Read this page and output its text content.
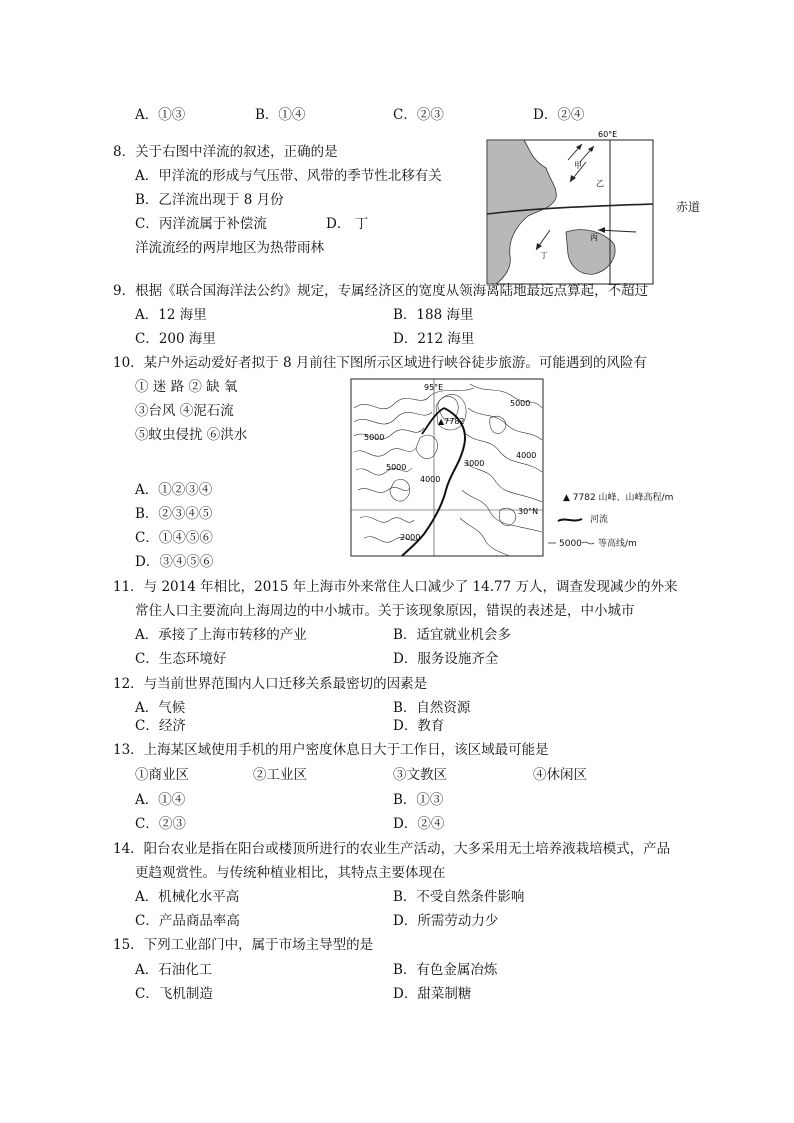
A．①③	B．①④	C．②③	D．②④
8．关于右图中洋流的叙述，正确的是
A．甲洋流的形成与气压带、风带的季节性北移有关
B．乙洋流出现于 8 月份
C．丙洋流属于补偿流	D． 丁
洋流流经的两岸地区为热带雨林
60°E
甲
乙
丙
丁
赤道
9．根据《联合国海洋法公约》规定，专属经济区的宽度从领海离陆地最远点算起，不超过
A．12 海里	B．188 海里
C．200 海里	D．212 海里
10．某户外运动爱好者拟于 8 月前往下图所示区域进行峡谷徒步旅游。可能遇到的风险有
① 迷 路 ② 缺 氧
③台风 ④泥石流
⑤蚊虫侵扰 ⑥洪水
A．①②③④
B．②③④⑤
C．①④⑤⑥
D．③④⑤⑥
▲7782
95°E
30°N
5000
5000
5000
4000
4000
3000
2000
▲ 7782 山峰、山峰高程/m
河流
5000 等高线/m
11．与 2014 年相比，2015 年上海市外来常住人口减少了 14.77 万人，调查发现减少的外来
常住人口主要流向上海周边的中小城市。关于该现象原因，错误的表述是，中小城市
A．承接了上海市转移的产业	B．适宜就业机会多
C．生态环境好	D．服务设施齐全
12．与当前世界范围内人口迁移关系最密切的因素是
A．气候	B．自然资源
C．经济	D．教育
13．上海某区域使用手机的用户密度休息日大于工作日，该区域最可能是
①商业区	②工业区	③文教区	④休闲区
A．①④	B．①③
C．②③	D．②④
14．阳台农业是指在阳台或楼顶所进行的农业生产活动，大多采用无土培养液栽培模式，产品
更趋观赏性。与传统种植业相比，其特点主要体现在
A．机械化水平高	B．不受自然条件影响
C．产品商品率高	D．所需劳动力少
15．下列工业部门中，属于市场主导型的是
A．石油化工	B．有色金属冶炼
C．飞机制造	D．甜菜制糖
